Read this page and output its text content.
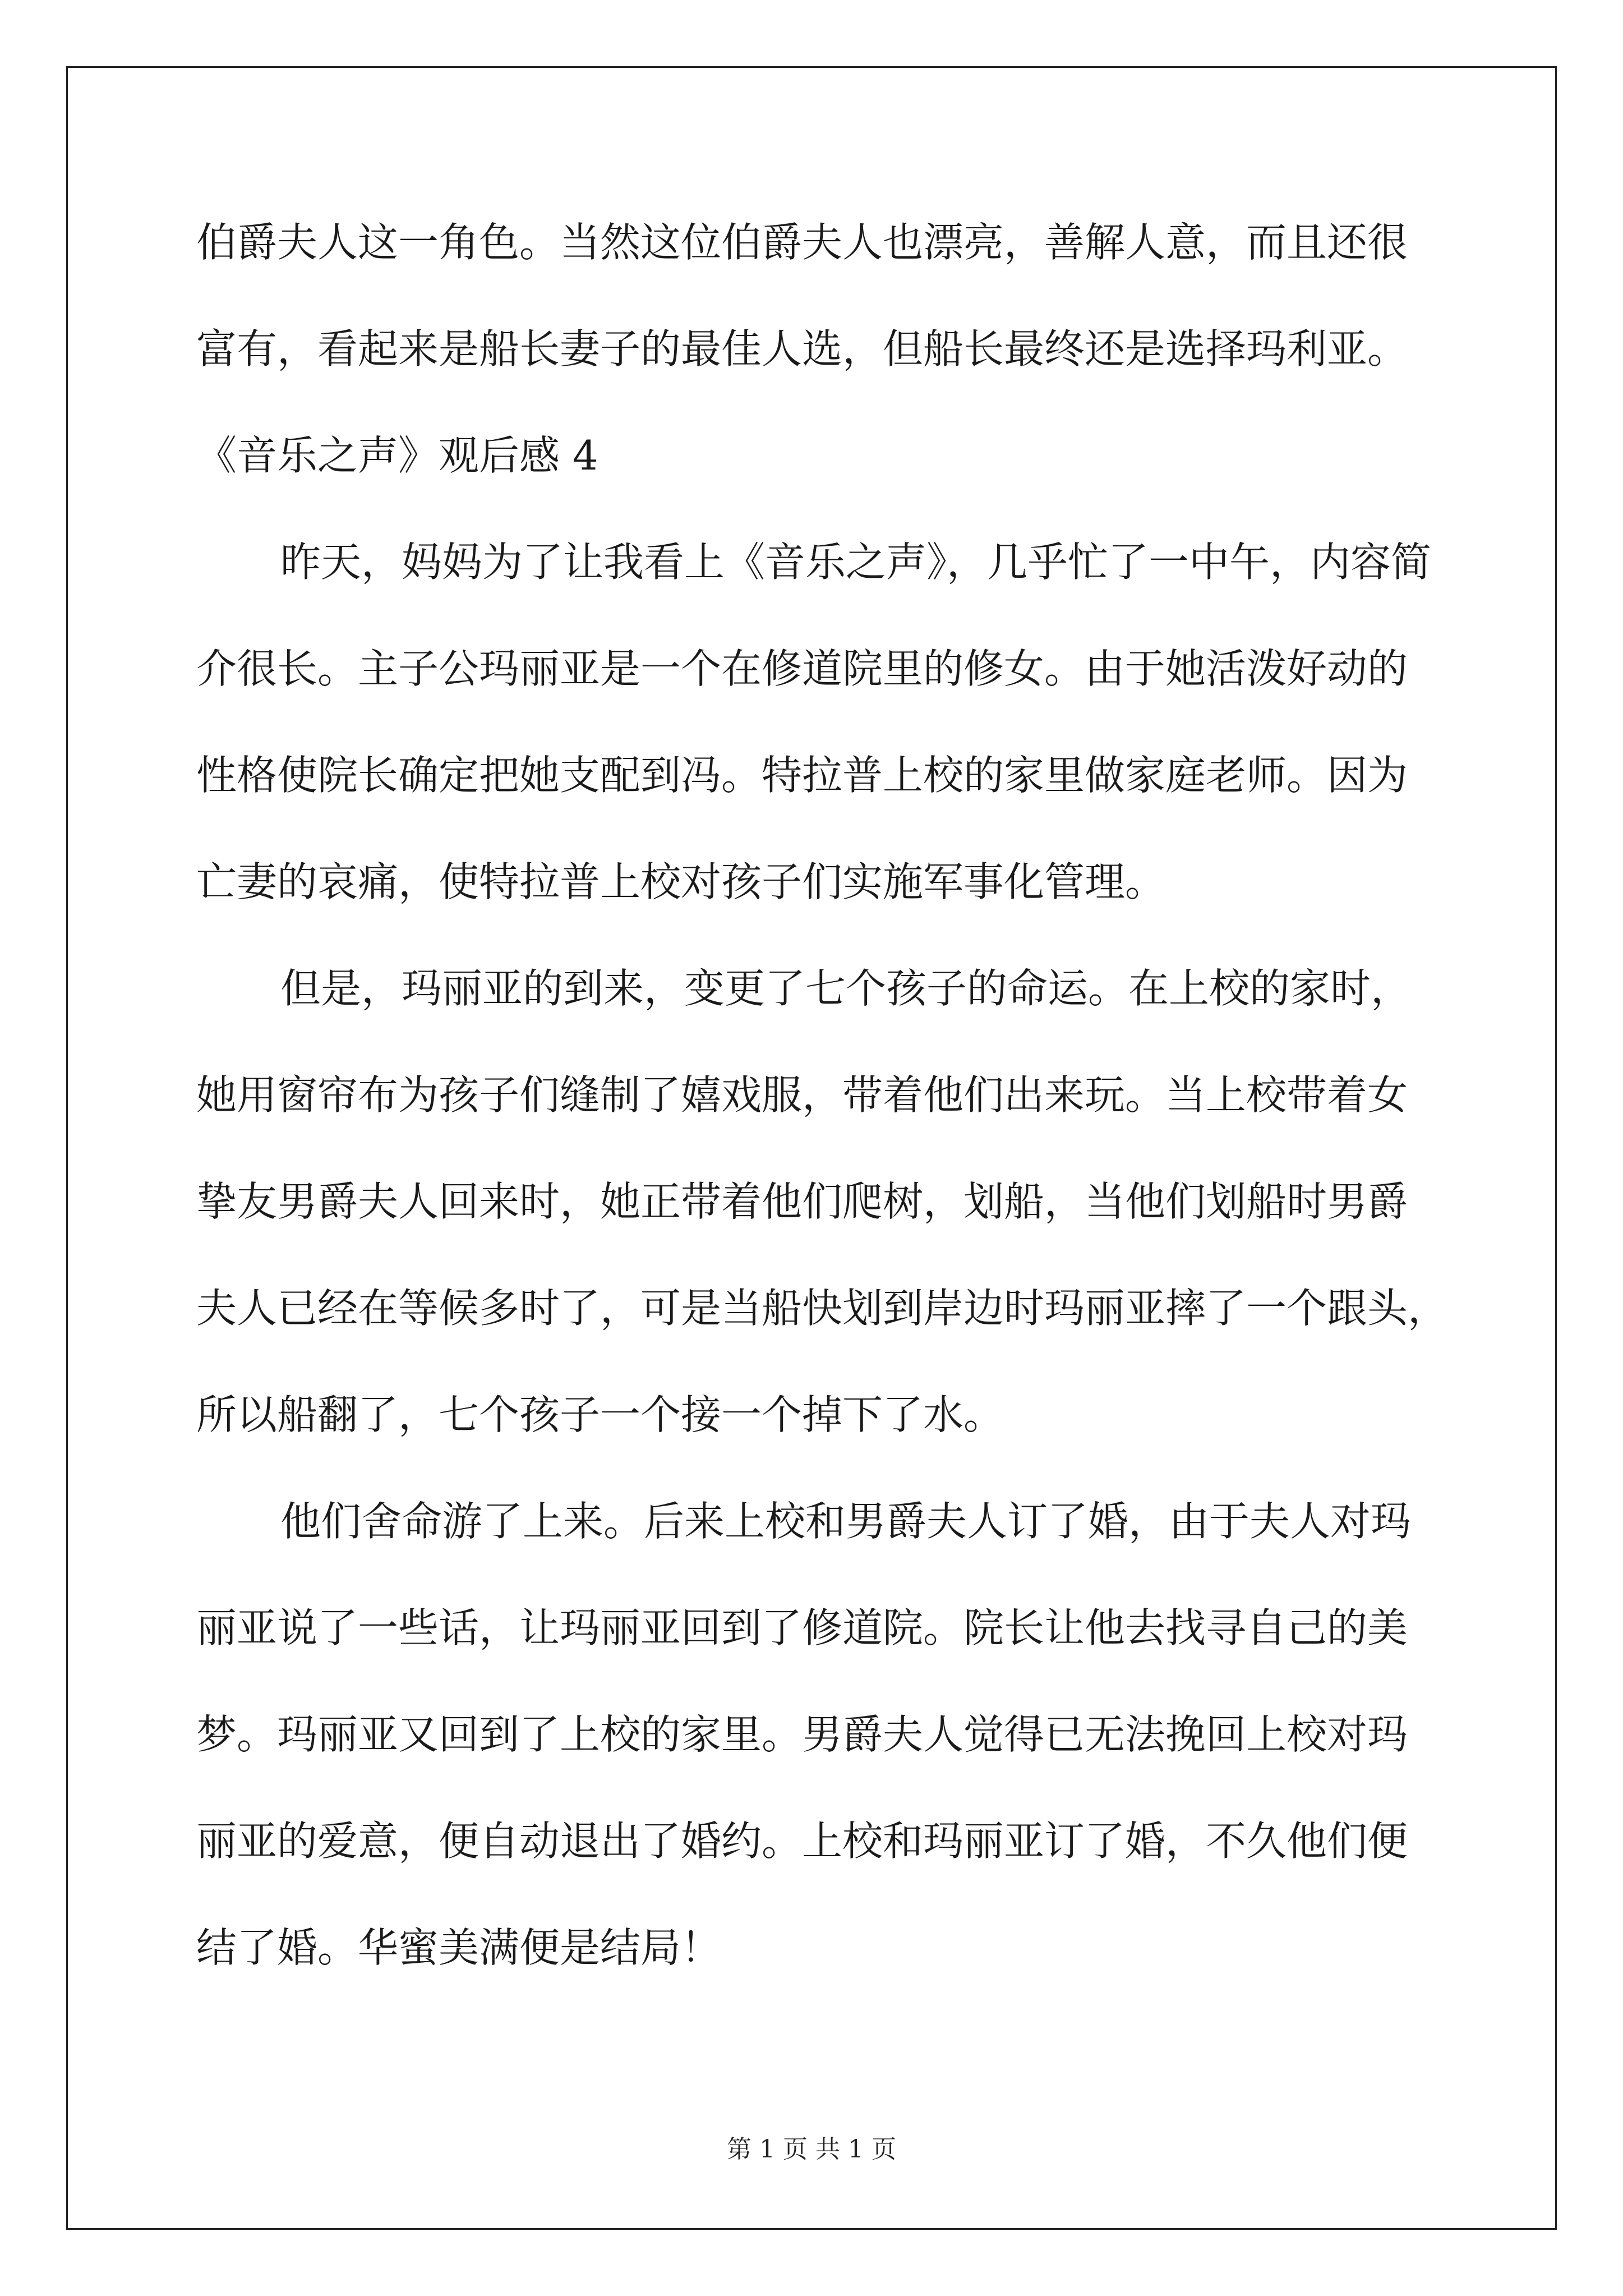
伯爵夫人这一角色。当然这位伯爵夫人也漂亮，善解人意，而且还很
富有，看起来是船长妻子的最佳人选，但船长最终还是选择玛利亚。
《音乐之声》观后感 4
昨天，妈妈为了让我看上《音乐之声》，几乎忙了一中午，内容简
介很长。主子公玛丽亚是一个在修道院里的修女。由于她活泼好动的
性格使院长确定把她支配到冯。特拉普上校的家里做家庭老师。因为
亡妻的哀痛，使特拉普上校对孩子们实施军事化管理。
但是，玛丽亚的到来，变更了七个孩子的命运。在上校的家时，
她用窗帘布为孩子们缝制了嬉戏服，带着他们出来玩。当上校带着女
挚友男爵夫人回来时，她正带着他们爬树，划船，当他们划船时男爵
夫人已经在等候多时了，可是当船快划到岸边时玛丽亚摔了一个跟头，
所以船翻了，七个孩子一个接一个掉下了水。
他们舍命游了上来。后来上校和男爵夫人订了婚，由于夫人对玛
丽亚说了一些话，让玛丽亚回到了修道院。院长让他去找寻自己的美
梦。玛丽亚又回到了上校的家里。男爵夫人觉得已无法挽回上校对玛
丽亚的爱意，便自动退出了婚约。上校和玛丽亚订了婚，不久他们便
结了婚。华蜜美满便是结局！
第 1 页 共 1 页
